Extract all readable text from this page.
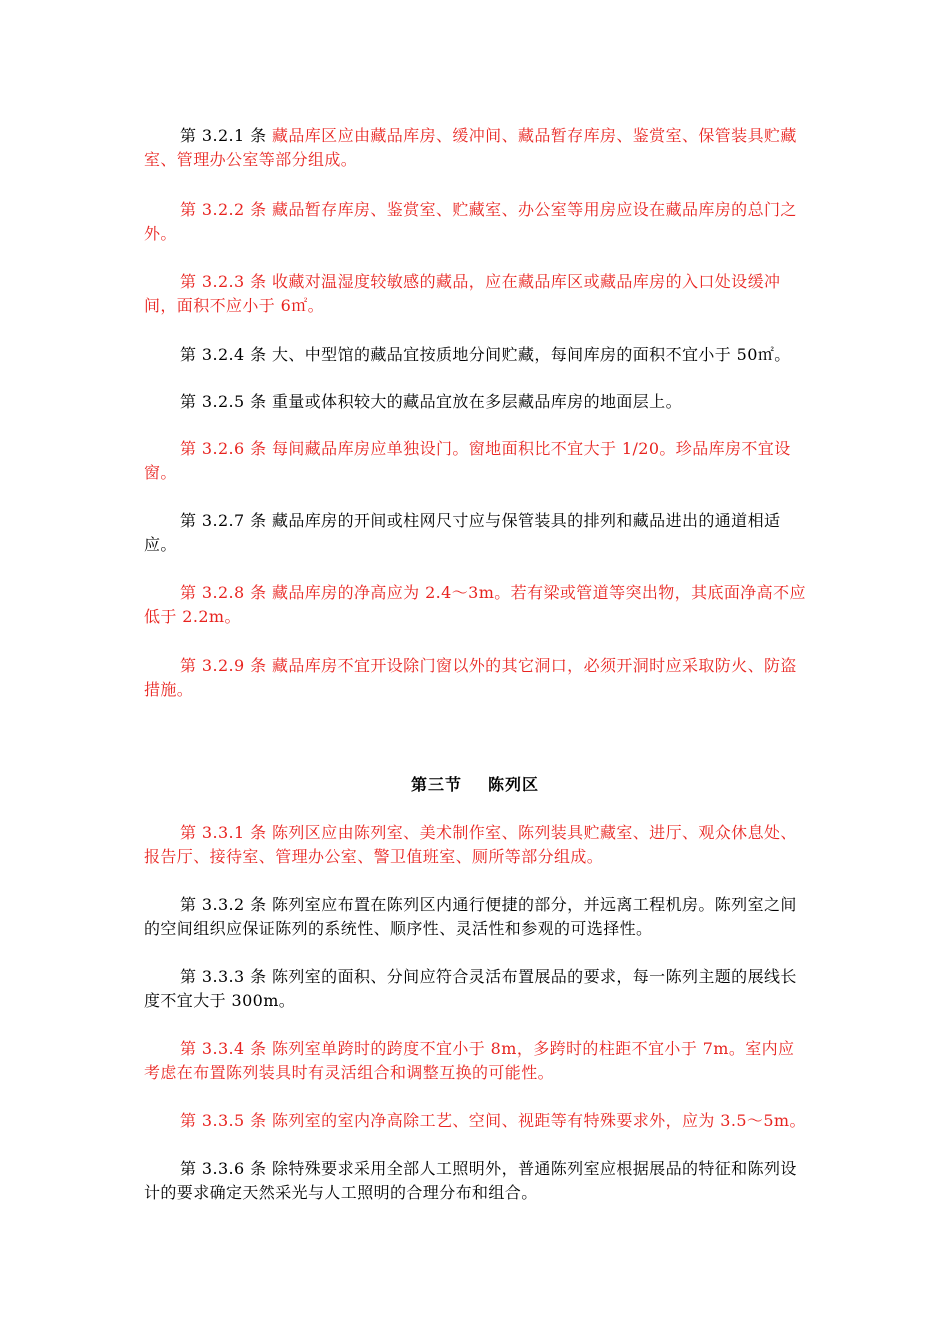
第 3.2.1 条 藏品库区应由藏品库房、缓冲间、藏品暂存库房、鉴赏室、保管装具贮藏室、管理办公室等部分组成。

第 3.2.2 条 藏品暂存库房、鉴赏室、贮藏室、办公室等用房应设在藏品库房的总门之外。

第 3.2.3 条 收藏对温湿度较敏感的藏品，应在藏品库区或藏品库房的入口处设缓冲间，面积不应小于 6㎡。

第 3.2.4 条 大、中型馆的藏品宜按质地分间贮藏，每间库房的面积不宜小于 50㎡。

第 3.2.5 条 重量或体积较大的藏品宜放在多层藏品库房的地面层上。

第 3.2.6 条 每间藏品库房应单独设门。窗地面积比不宜大于 1/20。珍品库房不宜设窗。

第 3.2.7 条 藏品库房的开间或柱网尺寸应与保管装具的排列和藏品进出的通道相适应。

第 3.2.8 条 藏品库房的净高应为 2.4～3m。若有梁或管道等突出物，其底面净高不应低于 2.2m。

第 3.2.9 条 藏品库房不宜开设除门窗以外的其它洞口，必须开洞时应采取防火、防盗措施。

第三节 陈列区

第 3.3.1 条 陈列区应由陈列室、美术制作室、陈列装具贮藏室、进厅、观众休息处、报告厅、接待室、管理办公室、警卫值班室、厕所等部分组成。

第 3.3.2 条 陈列室应布置在陈列区内通行便捷的部分，并远离工程机房。陈列室之间的空间组织应保证陈列的系统性、顺序性、灵活性和参观的可选择性。

第 3.3.3 条 陈列室的面积、分间应符合灵活布置展品的要求，每一陈列主题的展线长度不宜大于 300m。

第 3.3.4 条 陈列室单跨时的跨度不宜小于 8m，多跨时的柱距不宜小于 7m。室内应考虑在布置陈列装具时有灵活组合和调整互换的可能性。

第 3.3.5 条 陈列室的室内净高除工艺、空间、视距等有特殊要求外，应为 3.5～5m。

第 3.3.6 条 除特殊要求采用全部人工照明外，普通陈列室应根据展品的特征和陈列设计的要求确定天然采光与人工照明的合理分布和组合。
